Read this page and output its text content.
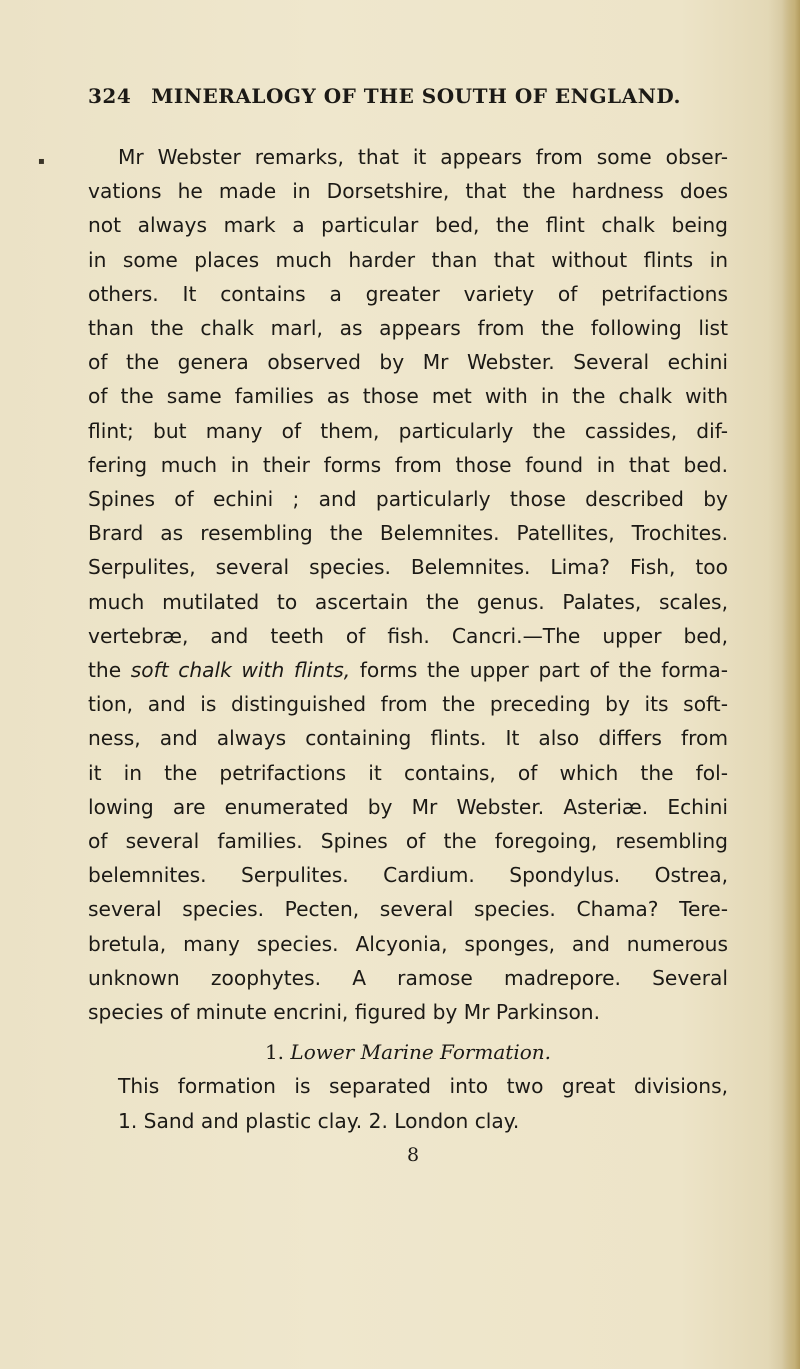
▪
324 MINERALOGY OF THE SOUTH OF ENGLAND.
Mr Webster remarks, that it appears from some obser-
vations he made in Dorsetshire, that the hardness does
not always mark a particular bed, the flint chalk being
in some places much harder than that without flints in
others. It contains a greater variety of petrifactions
than the chalk marl, as appears from the following list
of the genera observed by Mr Webster. Several echini
of the same families as those met with in the chalk with
flint; but many of them, particularly the cassides, dif-
fering much in their forms from those found in that bed.
Spines of echini ; and particularly those described by
Brard as resembling the Belemnites. Patellites, Trochites.
Serpulites, several species. Belemnites. Lima? Fish, too
much mutilated to ascertain the genus. Palates, scales,
vertebræ, and teeth of fish. Cancri.—The upper bed,
the soft chalk with flints, forms the upper part of the forma-
tion, and is distinguished from the preceding by its soft-
ness, and always containing flints. It also differs from
it in the petrifactions it contains, of which the fol-
lowing are enumerated by Mr Webster. Asteriæ. Echini
of several families. Spines of the foregoing, resembling
belemnites. Serpulites. Cardium. Spondylus. Ostrea,
several species. Pecten, several species. Chama? Tere-
bretula, many species. Alcyonia, sponges, and numerous
unknown zoophytes. A ramose madrepore. Several
species of minute encrini, figured by Mr Parkinson.
1. Lower Marine Formation.
This formation is separated into two great divisions,
1. Sand and plastic clay. 2. London clay.
8
